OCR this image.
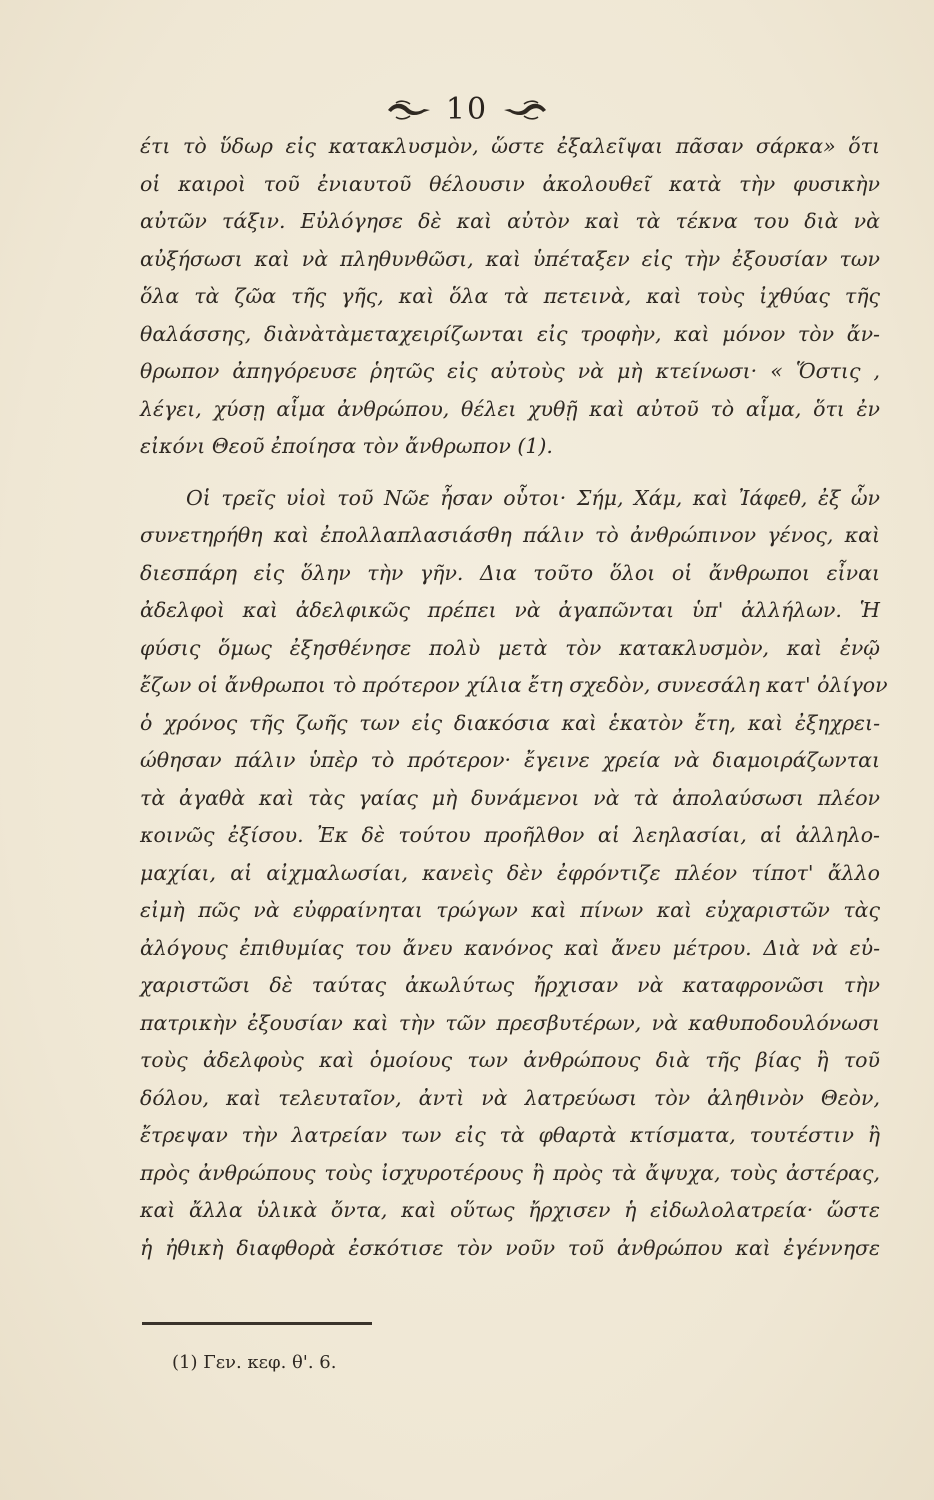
10
έτι τὸ ὕδωρ εἰς κατακλυσμὸν, ὥστε ἐξαλεῖψαι πᾶσαν σάρκα» ὅτι
οἱ καιροὶ τοῦ ἐνιαυτοῦ θέλουσιν ἀκολουθεῖ κατὰ τὴν φυσικὴν
αὐτῶν τάξιν. Εὐλόγησε δὲ καὶ αὐτὸν καὶ τὰ τέκνα του διὰ νὰ
αὐξήσωσι καὶ νὰ πληθυνθῶσι, καὶ ὑπέταξεν εἰς τὴν ἐξουσίαν των
ὅλα τὰ ζῶα τῆς γῆς, καὶ ὅλα τὰ πετεινὰ, καὶ τοὺς ἰχθύας τῆς
θαλάσσης, διὰνὰτὰμεταχειρίζωνται εἰς τροφὴν, καὶ μόνον τὸν ἄν-
θρωπον ἀπηγόρευσε ῥητῶς εἰς αὐτοὺς νὰ μὴ κτείνωσι· « Ὅστις ,
λέγει, χύσῃ αἷμα ἀνθρώπου, θέλει χυθῇ καὶ αὐτοῦ τὸ αἷμα, ὅτι ἐν
εἰκόνι Θεοῦ ἐποίησα τὸν ἄνθρωπον (1).
Οἱ τρεῖς υἱοὶ τοῦ Νῶε ἦσαν οὗτοι· Σήμ, Χάμ, καὶ Ἰάφεθ, ἐξ ὧν
συνετηρήθη καὶ ἐπολλαπλασιάσθη πάλιν τὸ ἀνθρώπινον γένος, καὶ
διεσπάρη εἰς ὅλην τὴν γῆν. Δια τοῦτο ὅλοι οἱ ἄνθρωποι εἶναι
ἀδελφοὶ καὶ ἀδελφικῶς πρέπει νὰ ἀγαπῶνται ὑπ' ἀλλήλων. Ἡ
φύσις ὅμως ἐξησθένησε πολὺ μετὰ τὸν κατακλυσμὸν, καὶ ἐνῷ
ἔζων οἱ ἄνθρωποι τὸ πρότερον χίλια ἔτη σχεδὸν, συνεσάλη κατ' ὀλίγον
ὁ χρόνος τῆς ζωῆς των εἰς διακόσια καὶ ἑκατὸν ἔτη, καὶ ἐξηχρει-
ώθησαν πάλιν ὑπὲρ τὸ πρότερον· ἔγεινε χρεία νὰ διαμοιράζωνται
τὰ ἀγαθὰ καὶ τὰς γαίας μὴ δυνάμενοι νὰ τὰ ἀπολαύσωσι πλέον
κοινῶς ἐξίσου. Ἐκ δὲ τούτου προῆλθον αἱ λεηλασίαι, αἱ ἀλληλο-
μαχίαι, αἱ αἰχμαλωσίαι, κανεὶς δὲν ἐφρόντιζε πλέον τίποτ' ἄλλο
εἰμὴ πῶς νὰ εὐφραίνηται τρώγων καὶ πίνων καὶ εὐχαριστῶν τὰς
ἀλόγους ἐπιθυμίας του ἄνευ κανόνος καὶ ἄνευ μέτρου. Διὰ νὰ εὐ-
χαριστῶσι δὲ ταύτας ἀκωλύτως ἤρχισαν νὰ καταφρονῶσι τὴν
πατρικὴν ἐξουσίαν καὶ τὴν τῶν πρεσβυτέρων, νὰ καθυποδουλόνωσι
τοὺς ἀδελφοὺς καὶ ὁμοίους των ἀνθρώπους διὰ τῆς βίας ἢ τοῦ
δόλου, καὶ τελευταῖον, ἀντὶ νὰ λατρεύωσι τὸν ἀληθινὸν Θεὸν,
ἔτρεψαν τὴν λατρείαν των εἰς τὰ φθαρτὰ κτίσματα, τουτέστιν ἢ
πρὸς ἀνθρώπους τοὺς ἰσχυροτέρους ἢ πρὸς τὰ ἄψυχα, τοὺς ἀστέρας,
καὶ ἄλλα ὑλικὰ ὄντα, καὶ οὕτως ἤρχισεν ἡ εἰδωλολατρεία· ὥστε
ἡ ἠθικὴ διαφθορὰ ἐσκότισε τὸν νοῦν τοῦ ἀνθρώπου καὶ ἐγέννησε
(1) Γεν. κεφ. θ'. 6.
